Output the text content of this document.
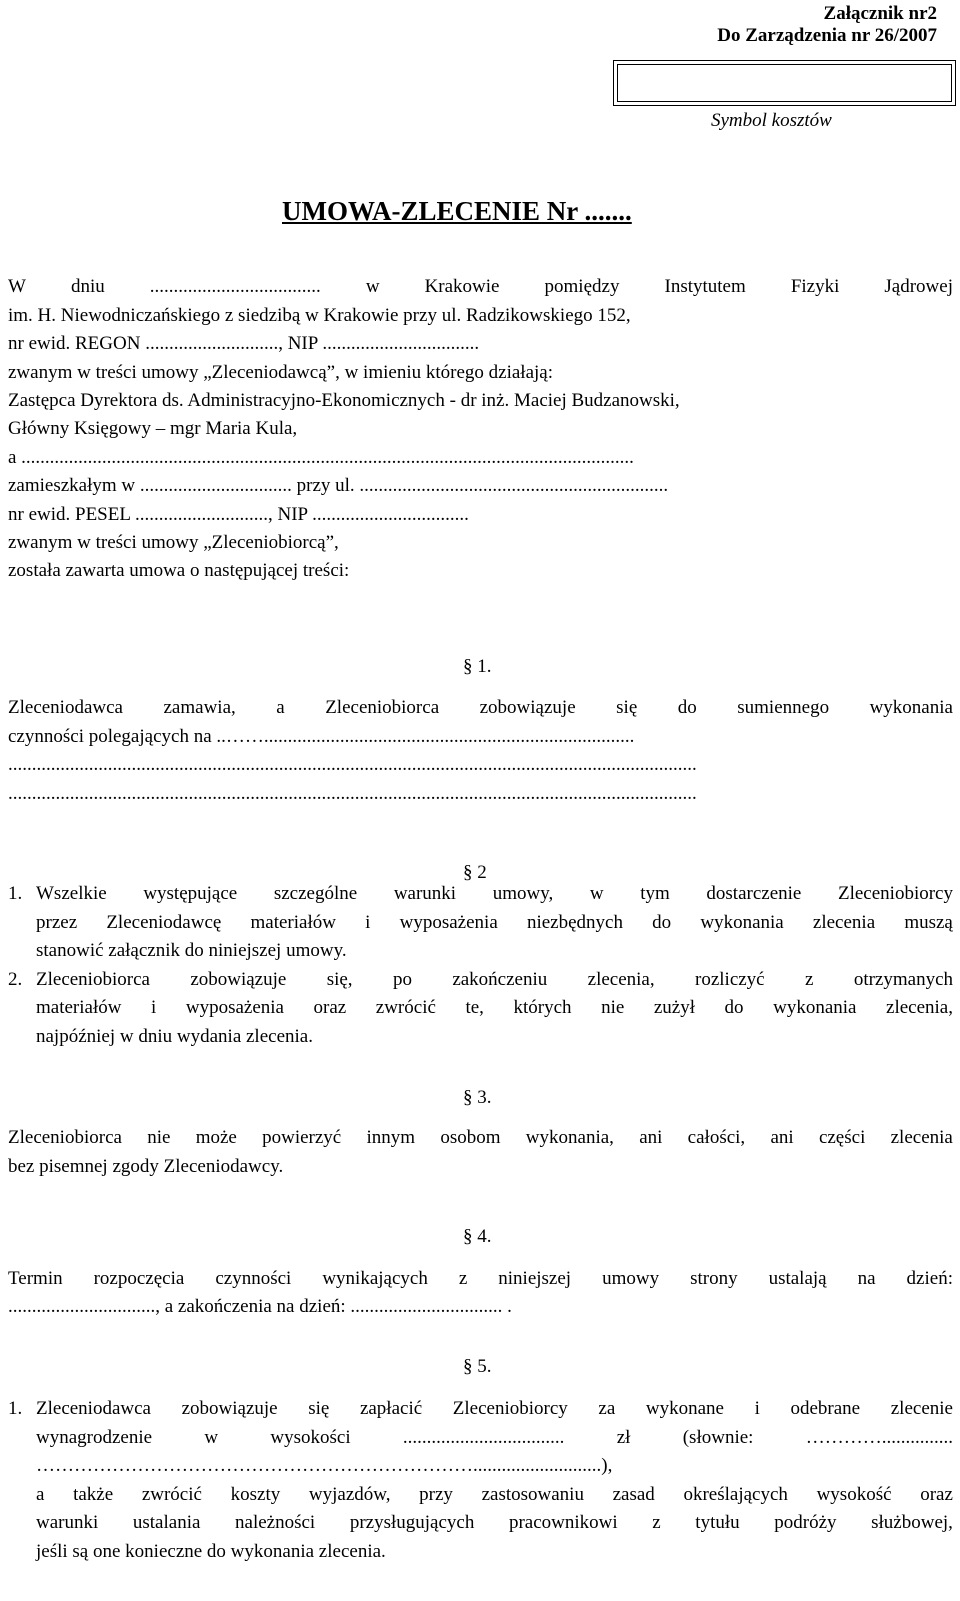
Załącznik nr2
Do Zarządzenia nr 26/2007
Symbol kosztów
UMOWA-ZLECENIE Nr .......
W dniu .................................... w Krakowie pomiędzy Instytutem Fizyki Jądrowej
im. H. Niewodniczańskiego z siedzibą w Krakowie przy ul. Radzikowskiego 152,
nr ewid. REGON ............................, NIP .................................
zwanym w treści umowy „Zleceniodawcą”, w imieniu którego działają:
Zastępca Dyrektora ds. Administracyjno-Ekonomicznych - dr inż. Maciej Budzanowski,
Główny Księgowy – mgr Maria Kula,
a .................................................................................................................................
zamieszkałym w ................................ przy ul. .................................................................
nr ewid. PESEL ............................, NIP .................................
zwanym w treści umowy „Zleceniobiorcą”,
została zawarta umowa o następującej treści:
§ 1.
Zleceniodawca zamawia, a Zleceniobiorca zobowiązuje się do sumiennego wykonania
czynności polegających na ..……..............................................................................
.................................................................................................................................................
.................................................................................................................................................
§ 2
1. Wszelkie występujące szczególne warunki umowy, w tym dostarczenie Zleceniobiorcy
przez Zleceniodawcę materiałów i wyposażenia niezbędnych do wykonania zlecenia muszą
stanowić załącznik do niniejszej umowy.
2. Zleceniobiorca zobowiązuje się, po zakończeniu zlecenia, rozliczyć z otrzymanych
materiałów i wyposażenia oraz zwrócić te, których nie zużył do wykonania zlecenia,
najpóźniej w dniu wydania zlecenia.
§ 3.
Zleceniobiorca nie może powierzyć innym osobom wykonania, ani całości, ani części zlecenia
bez pisemnej zgody Zleceniodawcy.
§ 4.
Termin rozpoczęcia czynności wynikających z niniejszej umowy strony ustalają na dzień:
..............................., a zakończenia na dzień: ................................ .
§ 5.
1. Zleceniodawca zobowiązuje się zapłacić Zleceniobiorcy za wykonane i odebrane zlecenie
wynagrodzenie	w	wysokości	..................................	zł	(słownie:	…………...............
……………………………………………………………...........................),
a także zwrócić koszty wyjazdów, przy zastosowaniu zasad określających wysokość oraz
warunki ustalania należności przysługujących pracownikowi z tytułu podróży służbowej,
jeśli są one konieczne do wykonania zlecenia.
